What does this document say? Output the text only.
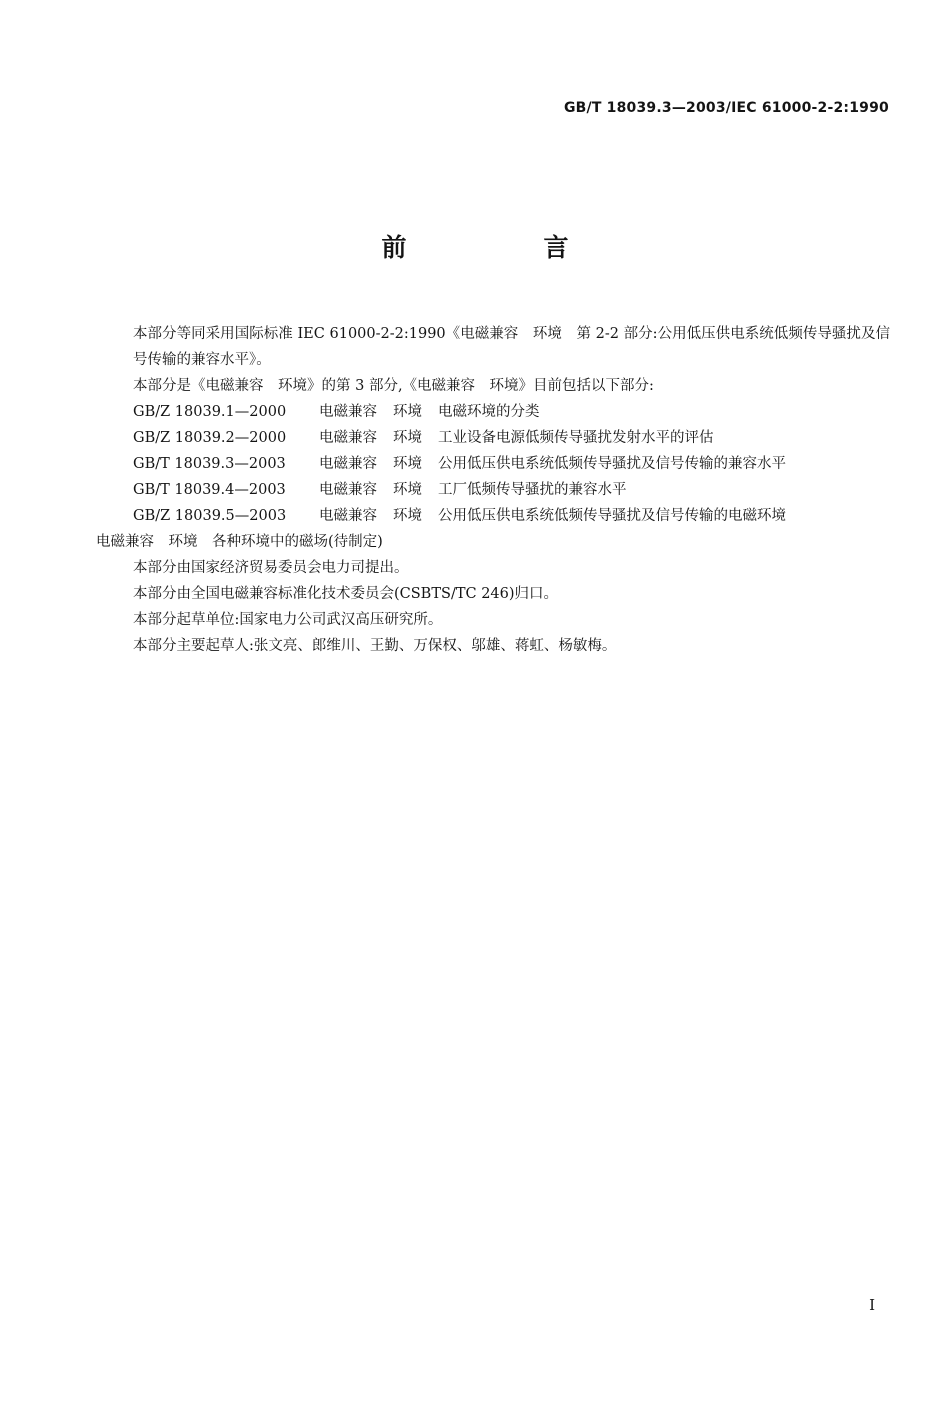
GB/T 18039.3—2003/IEC 61000-2-2:1990
前　言
本部分等同采用国际标准 IEC 61000-2-2:1990《电磁兼容　环境　第 2-2 部分:公用低压供电系统低频传导骚扰及信号传输的兼容水平》。
本部分是《电磁兼容　环境》的第 3 部分,《电磁兼容　环境》目前包括以下部分:
GB/Z 18039.1—2000	电磁兼容 环境 电磁环境的分类
GB/Z 18039.2—2000	电磁兼容 环境 工业设备电源低频传导骚扰发射水平的评估
GB/T 18039.3—2003	电磁兼容 环境 公用低压供电系统低频传导骚扰及信号传输的兼容水平
GB/T 18039.4—2003	电磁兼容 环境 工厂低频传导骚扰的兼容水平
GB/Z 18039.5—2003	电磁兼容 环境 公用低压供电系统低频传导骚扰及信号传输的电磁环境
电磁兼容　环境　各种环境中的磁场(待制定)
本部分由国家经济贸易委员会电力司提出。
本部分由全国电磁兼容标准化技术委员会(CSBTS/TC 246)归口。
本部分起草单位:国家电力公司武汉高压研究所。
本部分主要起草人:张文亮、郎维川、王勤、万保权、邬雄、蒋虹、杨敏梅。
I
